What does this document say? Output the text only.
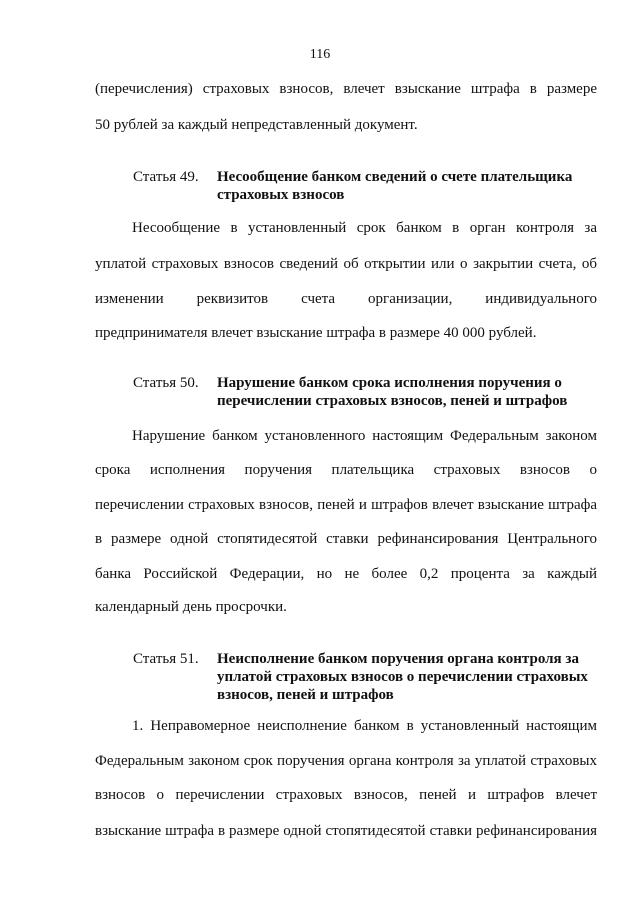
116
(перечисления) страховых взносов, влечет взыскание штрафа в размере
50 рублей за каждый непредставленный документ.
Статья 49.	Несообщение банком сведений о счете плательщика страховых взносов
Несообщение в установленный срок банком в орган контроля за
уплатой страховых взносов сведений об открытии или о закрытии счета, об
изменении реквизитов счета организации, индивидуального
предпринимателя влечет взыскание штрафа в размере 40 000 рублей.
Статья 50.	Нарушение банком срока исполнения поручения о перечислении страховых взносов, пеней и штрафов
Нарушение банком установленного настоящим Федеральным законом
срока исполнения поручения плательщика страховых взносов о
перечислении страховых взносов, пеней и штрафов влечет взыскание штрафа
в размере одной стопятидесятой ставки рефинансирования Центрального
банка Российской Федерации, но не более 0,2 процента за каждый
календарный день просрочки.
Статья 51.	Неисполнение банком поручения органа контроля за уплатой страховых взносов о перечислении страховых взносов, пеней и штрафов
1. Неправомерное неисполнение банком в установленный настоящим
Федеральным законом срок поручения органа контроля за уплатой страховых
взносов о перечислении страховых взносов, пеней и штрафов влечет
взыскание штрафа в размере одной стопятидесятой ставки рефинансирования
